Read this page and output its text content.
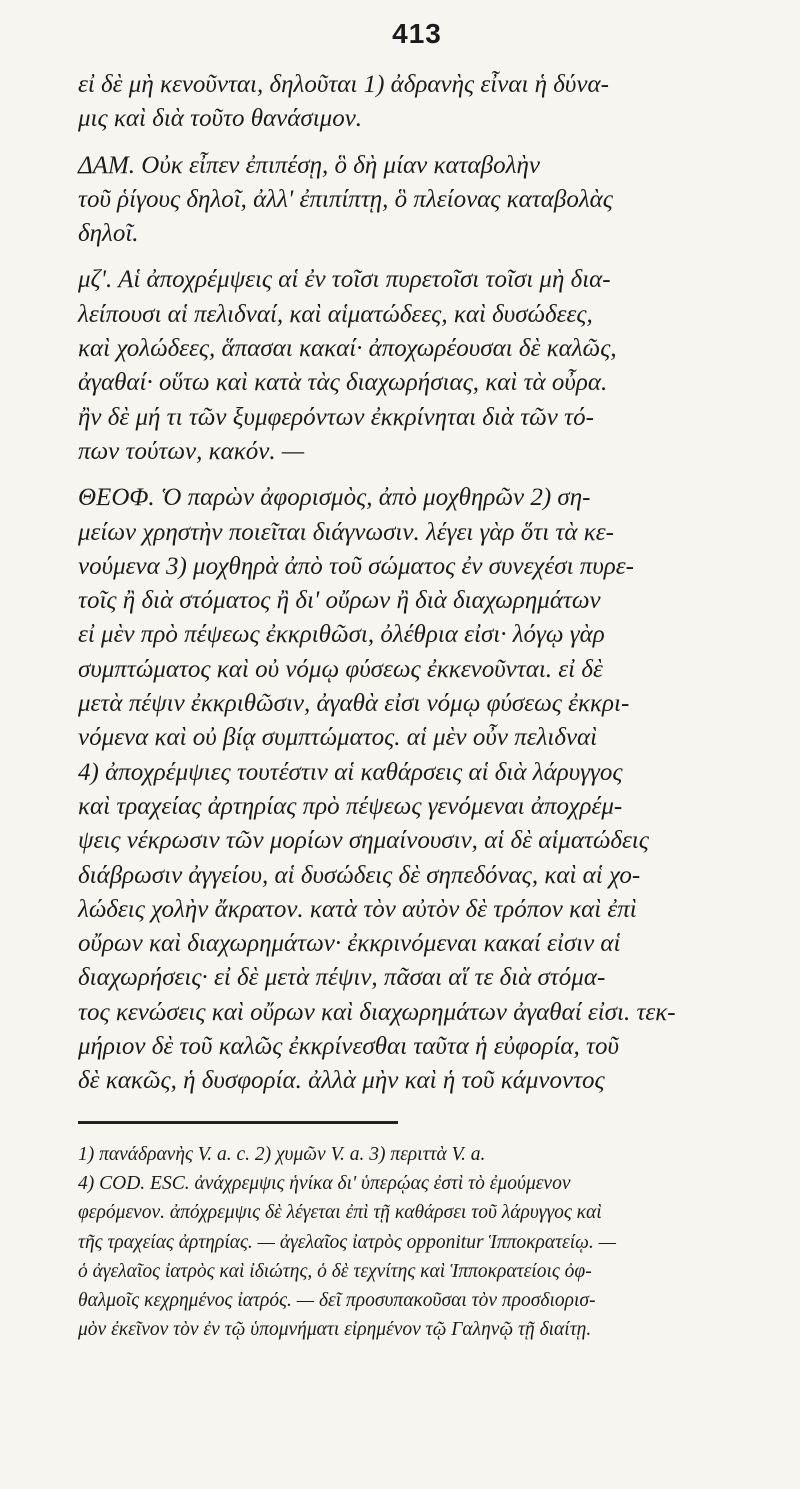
413

εἰ δὲ μὴ κενοῦνται, δηλοῦται 1) ἀδρανὴς εἶναι ἡ δύνα-
μις καὶ διὰ τοῦτο θανάσιμον.

ΔΑΜ. Οὐκ εἶπεν ἐπιπέσῃ, ὃ δὴ μίαν καταβολὴν
τοῦ ῥίγους δηλοῖ, ἀλλ' ἐπιπίπτῃ, ὃ πλείονας καταβολὰς
δηλοῖ.

μζ'. Αἱ ἀποχρέμψεις αἱ ἐν τοῖσι πυρετοῖσι τοῖσι μὴ δια-
λείπουσι αἱ πελιδναί, καὶ αἱματώδεες, καὶ δυσώδεες,
καὶ χολώδεες, ἅπασαι κακαί· ἀποχωρέουσαι δὲ καλῶς,
ἀγαθαί· οὕτω καὶ κατὰ τὰς διαχωρήσιας, καὶ τὰ οὖρα.
ἢν δὲ μή τι τῶν ξυμφερόντων ἐκκρίνηται διὰ τῶν τό-
πων τούτων, κακόν. —

ΘΕΟΦ. Ὁ παρὼν ἀφορισμὸς, ἀπὸ μοχθηρῶν 2) ση-
μείων χρηστὴν ποιεῖται διάγνωσιν. λέγει γὰρ ὅτι τὰ κε-
νούμενα 3) μοχθηρὰ ἀπὸ τοῦ σώματος ἐν συνεχέσι πυρε-
τοῖς ἢ διὰ στόματος ἢ δι' οὔρων ἢ διὰ διαχωρημάτων
εἰ μὲν πρὸ πέψεως ἐκκριθῶσι, ὀλέθρια εἰσι· λόγῳ γὰρ
συμπτώματος καὶ οὐ νόμῳ φύσεως ἐκκενοῦνται. εἰ δὲ
μετὰ πέψιν ἐκκριθῶσιν, ἀγαθὰ εἰσι νόμῳ φύσεως ἐκκρι-
νόμενα καὶ οὐ βίᾳ συμπτώματος. αἱ μὲν οὖν πελιδναὶ
4) ἀποχρέμψιες τουτέστιν αἱ καθάρσεις αἱ διὰ λάρυγγος
καὶ τραχείας ἀρτηρίας πρὸ πέψεως γενόμεναι ἀποχρέμ-
ψεις νέκρωσιν τῶν μορίων σημαίνουσιν, αἱ δὲ αἱματώδεις
διάβρωσιν ἀγγείου, αἱ δυσώδεις δὲ σηπεδόνας, καὶ αἱ χο-
λώδεις χολὴν ἄκρατον. κατὰ τὸν αὐτὸν δὲ τρόπον καὶ ἐπὶ
οὔρων καὶ διαχωρημάτων· ἐκκρινόμεναι κακαί εἰσιν αἱ
διαχωρήσεις· εἰ δὲ μετὰ πέψιν, πᾶσαι αἵ τε διὰ στόμα-
τος κενώσεις καὶ οὔρων καὶ διαχωρημάτων ἀγαθαί εἰσι. τεκ-
μήριον δὲ τοῦ καλῶς ἐκκρίνεσθαι ταῦτα ἡ εὐφορία, τοῦ
δὲ κακῶς, ἡ δυσφορία. ἀλλὰ μὴν καὶ ἡ τοῦ κάμνοντος

1) πανάδρανὴς V. a. c. 2) χυμῶν V. a. 3) περιττὰ V. a.
4) COD. ESC. ἀνάχρεμψις ἡνίκα δι' ὑπερῴας ἐστὶ τὸ ἐμούμενον
φερόμενον. ἀπόχρεμψις δὲ λέγεται ἐπὶ τῇ καθάρσει τοῦ λάρυγγος καὶ
τῆς τραχείας ἀρτηρίας. — ἀγελαῖος ἰατρὸς opponitur Ἱπποκρατείῳ. —
ὁ ἀγελαῖος ἰατρὸς καὶ ἰδιώτης, ὁ δὲ τεχνίτης καὶ Ἱπποκρατείοις ὀφ-
θαλμοῖς κεχρημένος ἰατρός. — δεῖ προσυπακοῦσαι τὸν προσδιορισ-
μὸν ἐκεῖνον τὸν ἐν τῷ ὑπομνήματι εἰρημένον τῷ Γαληνῷ τῇ διαίτῃ.
